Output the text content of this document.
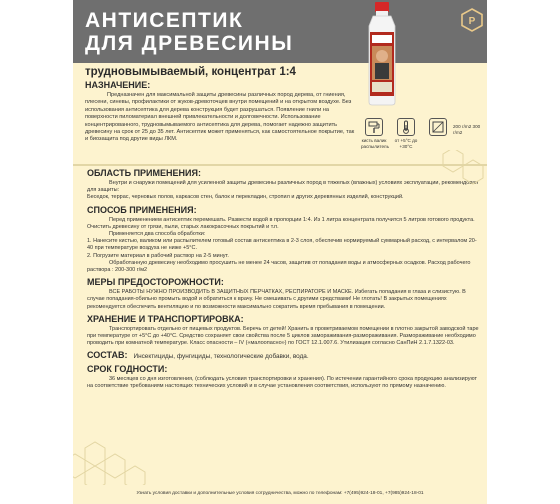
АНТИСЕПТИК
ДЛЯ ДРЕВЕСИНЫ
Р
трудновымываемый, концентрат 1:4
НАЗНАЧЕНИЕ:
Предназначен для максимальной защиты древесины различных пород дерева, от гниения, плесени, синевы, профилактики от жуков-древоточцев внутри помещений и на открытом воздухе. Без использования антисептика для дерева конструкция будет разрушаться. Появление гнили на поверхности пиломатериал внешней привлекательности и долговечности. Использование концентрированного, трудновымываемого антисептика для дерева, помогает надежно защитить древесину на срок от 25 до 35 лет. Антисептик может применяться, как самостоятельное покрытие, так и биозащита под другие виды ЛКМ.	кисть валик распылитель
от +5°С до +30°С
200 г/m2 300 г/m2
ОБЛАСТЬ ПРИМЕНЕНИЯ:
Внутри и снаружи помещений для усиленной защиты древесины различных пород в тяжелых (влажных) условиях эксплуатации, рекомендован для защиты:
Беседок, террас, черновых полов, каркасов стен, балок и перекладин, стропил и других деревянных изделий, конструкций.
СПОСОБ ПРИМЕНЕНИЯ:
Перед применением антисептик перемешать. Развести водой в пропорции 1:4. Из 1 литра концентрата получится 5 литров готового продукта. Очистить древесину от грязи, пыли, старых лакокрасочных покрытий и т.п.
Применяется два способа обработки:
1. Нанесите кистью, валиком или распылителем готовый состав антисептика в 2-3 слоя, обеспечив нормируемый суммарный расход, с интервалом 20-40 при температуре воздуха не ниже +5°С.
2. Погрузите материал в рабочий раствор на 2-5 минут.
Обработанную древесину необходимо просушить не менее 24 часов, защитив от попадания воды и атмосферных осадков. Расход рабочего раствора : 200-300 г/м2
МЕРЫ ПРЕДОСТОРОЖНОСТИ:
ВСЕ РАБОТЫ НУЖНО ПРОИЗВОДИТЬ В ЗАЩИТНЫХ ПЕРЧАТКАХ, РЕСПИРАТОРЕ И МАСКЕ. Избегать попадания в глаза и слизистую. В случае попадания-обильно промыть водой и обратиться к врачу. Не смешивать с другими средствами! Не глотать! В закрытых помещениях рекомендуется обеспечить вентиляцию и по возможности максимально сократить время пребывания в помещении.
ХРАНЕНИЕ И ТРАНСПОРТИРОВКА:
Транспортировать отдельно от пищевых продуктов. Беречь от детей! Хранить в проветриваемом помещении в плотно закрытой заводской таре при температуре от +5°С до +40°С. Средство сохраняет свои свойства после 5 циклов замораживания-размораживания. Размораживание необходимо проводить при комнатной температуре. Класс опасности – IV («малоопасно») по ГОСТ 12.1.007.6. Утилизация согласно СанПиН 2.1.7.1322-03.
СОСТАВ: Инсектициды, фунгициды, технологические добавки, вода.
СРОК ГОДНОСТИ:
36 месяцев со дня изготовления, (соблюдать условия транспортировки и хранения). По истечении гарантийного срока продукцию анализируют на соответствие требованиям настоящих технических условий и в случае установления соответствия, используют по прямому назначению.
Узнать условия доставки и дополнительные условия сотрудничества, можно по телефонам: +7(495)924-18-01, +7(985)924-18-01
